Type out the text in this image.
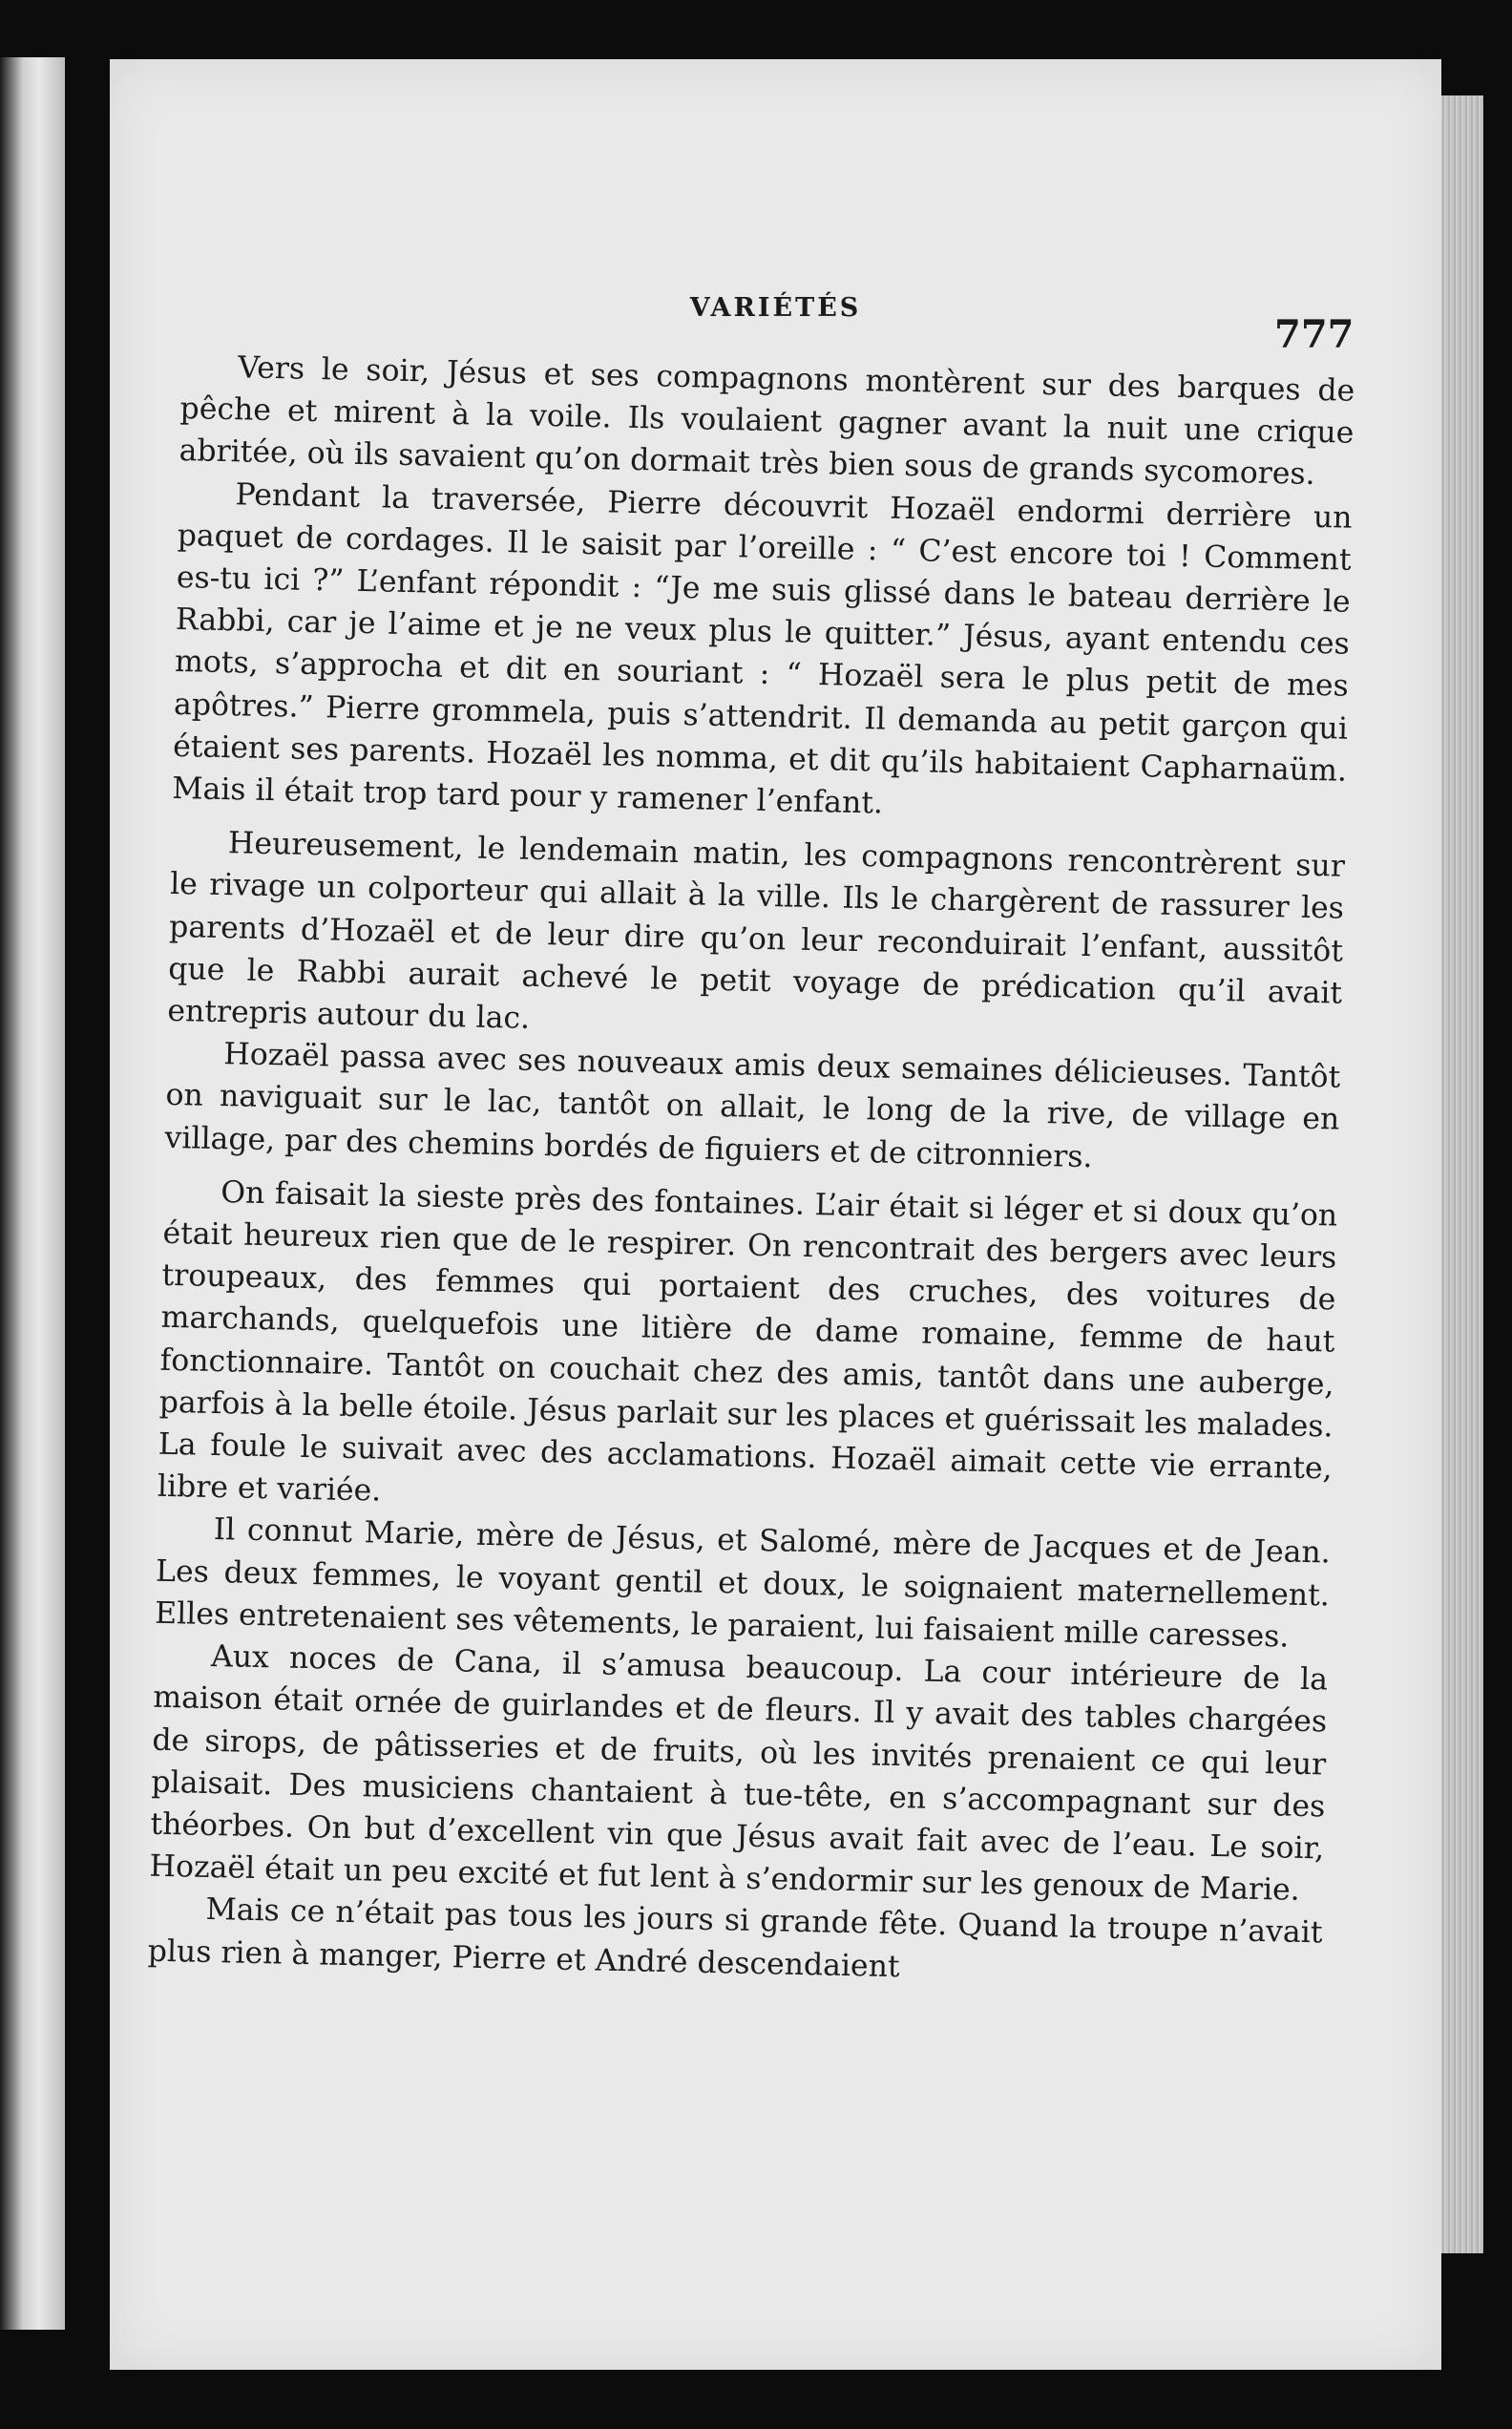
VARIÉTÉS
777

Vers le soir, Jésus et ses compagnons montèrent sur des barques de pêche et mirent à la voile. Ils voulaient gagner avant la nuit une crique abritée, où ils savaient qu’on dormait très bien sous de grands sycomores.

Pendant la traversée, Pierre découvrit Hozaël endormi derrière un paquet de cordages. Il le saisit par l’oreille : “ C’est encore toi ! Comment es-tu ici ?” L’enfant répondit : “Je me suis glissé dans le bateau derrière le Rabbi, car je l’aime et je ne veux plus le quitter.” Jésus, ayant entendu ces mots, s’approcha et dit en souriant : “ Hozaël sera le plus petit de mes apôtres.” Pierre grommela, puis s’attendrit. Il demanda au petit garçon qui étaient ses parents. Hozaël les nomma, et dit qu’ils habitaient Capharnaüm. Mais il était trop tard pour y ramener l’enfant.

Heureusement, le lendemain matin, les compagnons rencontrèrent sur le rivage un colporteur qui allait à la ville. Ils le chargèrent de rassurer les parents d’Hozaël et de leur dire qu’on leur reconduirait l’enfant, aussitôt que le Rabbi aurait achevé le petit voyage de prédication qu’il avait entrepris autour du lac.

Hozaël passa avec ses nouveaux amis deux semaines délicieuses. Tantôt on naviguait sur le lac, tantôt on allait, le long de la rive, de village en village, par des chemins bordés de figuiers et de citronniers.

On faisait la sieste près des fontaines. L’air était si léger et si doux qu’on était heureux rien que de le respirer. On rencontrait des bergers avec leurs troupeaux, des femmes qui portaient des cruches, des voitures de marchands, quelquefois une litière de dame romaine, femme de haut fonctionnaire. Tantôt on couchait chez des amis, tantôt dans une auberge, parfois à la belle étoile. Jésus parlait sur les places et guérissait les malades. La foule le suivait avec des acclamations. Hozaël aimait cette vie errante, libre et variée.

Il connut Marie, mère de Jésus, et Salomé, mère de Jacques et de Jean. Les deux femmes, le voyant gentil et doux, le soignaient maternellement. Elles entretenaient ses vêtements, le paraient, lui faisaient mille caresses.

Aux noces de Cana, il s’amusa beaucoup. La cour intérieure de la maison était ornée de guirlandes et de fleurs. Il y avait des tables chargées de sirops, de pâtisseries et de fruits, où les invités prenaient ce qui leur plaisait. Des musiciens chantaient à tue-tête, en s’accompagnant sur des théorbes. On but d’excellent vin que Jésus avait fait avec de l’eau. Le soir, Hozaël était un peu excité et fut lent à s’endormir sur les genoux de Marie.

Mais ce n’était pas tous les jours si grande fête. Quand la troupe n’avait plus rien à manger, Pierre et André descendaient
